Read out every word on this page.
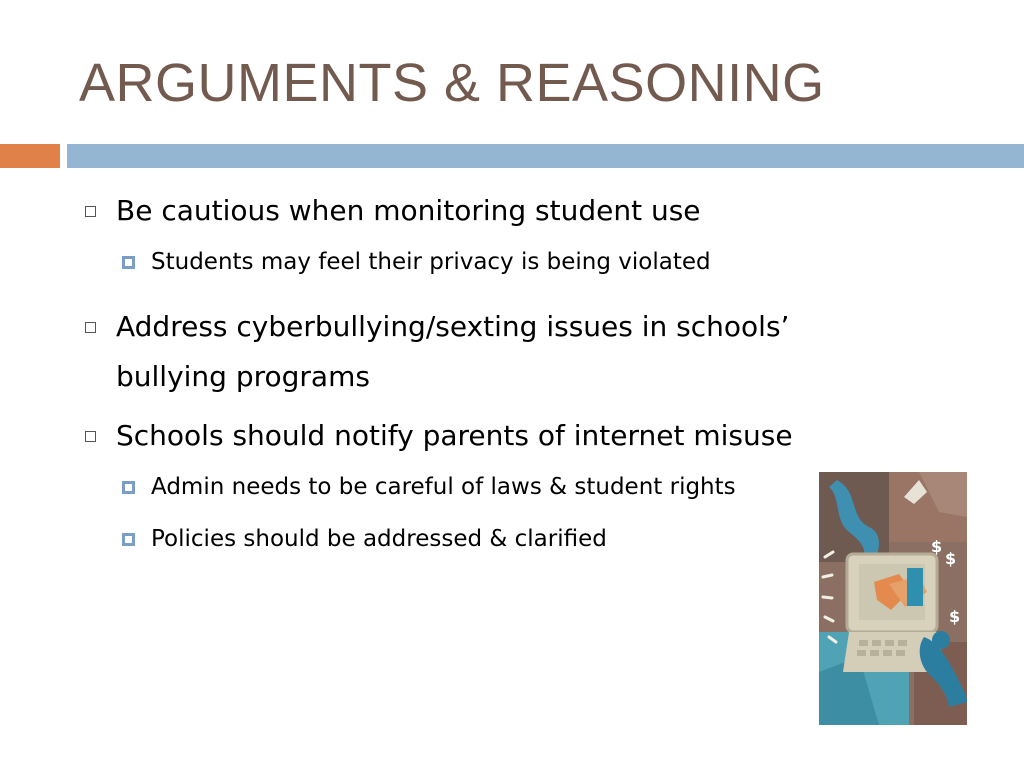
ARGUMENTS & REASONING
Be cautious when monitoring student use
Students may feel their privacy is being violated
Address cyberbullying/sexting issues in schools’ bullying programs
Schools should notify parents of internet misuse
Admin needs to be careful of laws & student rights
Policies should be addressed & clarified
$
$
$
